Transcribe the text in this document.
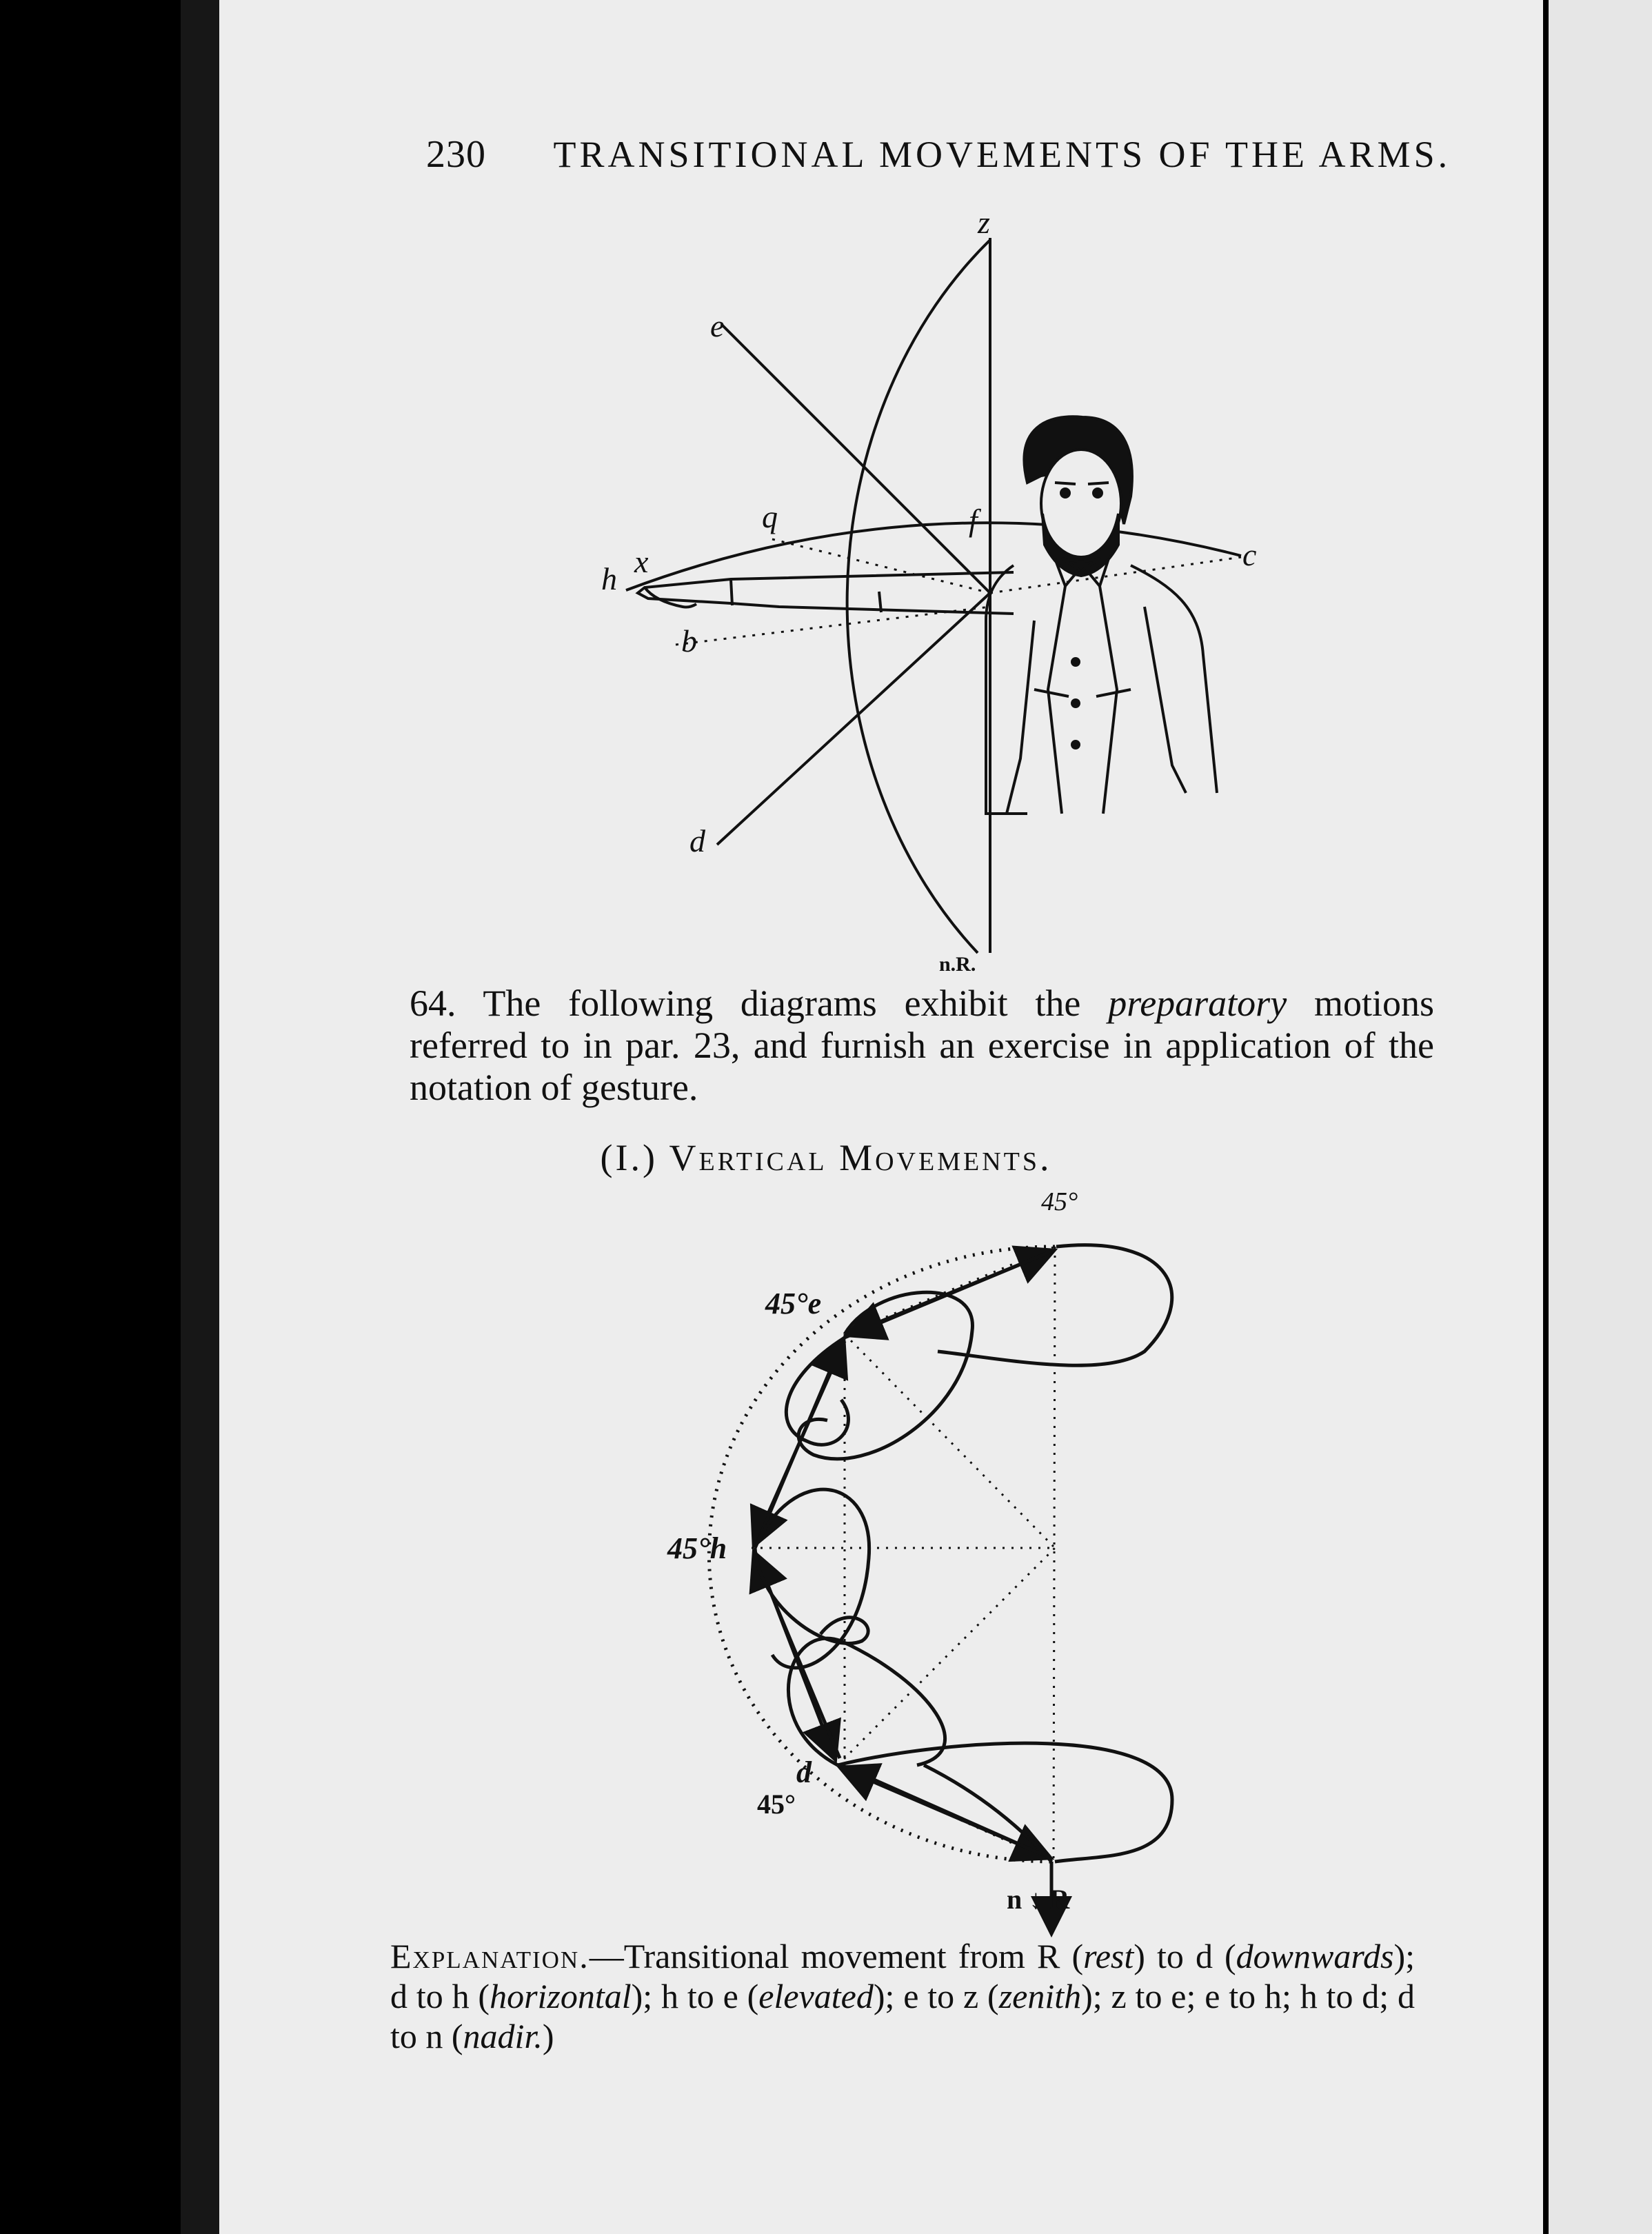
230 TRANSITIONAL MOVEMENTS OF THE ARMS.
z
e
q	f
c
h x
b
d
n.R.
64. The following diagrams exhibit the preparatory motions referred to in par. 23, and furnish an exercise in application of the notation of gesture.
(I.) Vertical Movements.
45°
45°e
45°h
d
45°
n ↓ R
Explanation.—Transitional movement from R (rest) to d (downwards); d to h (horizontal); h to e (elevated); e to z (zenith); z to e; e to h; h to d; d to n (nadir.)
